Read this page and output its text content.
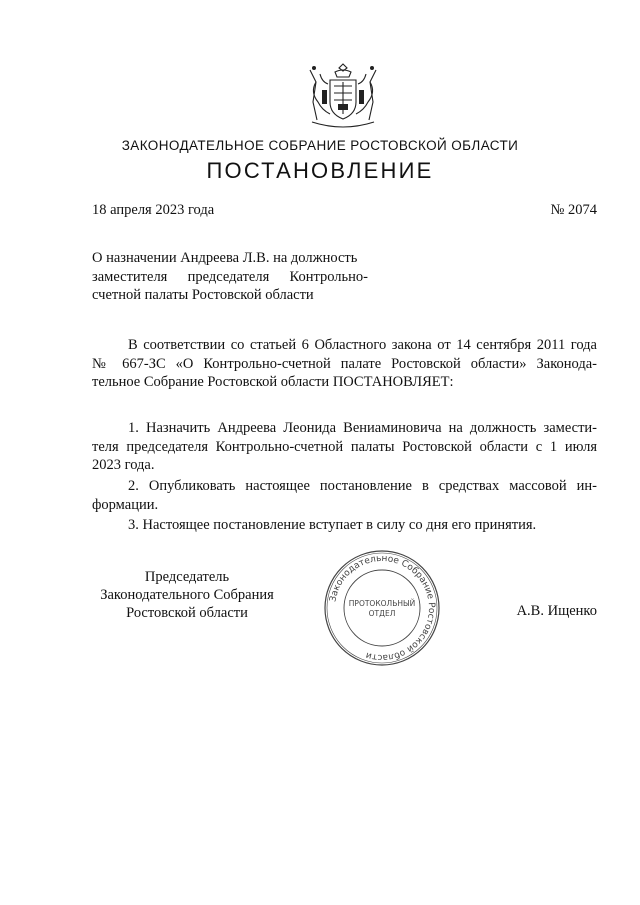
ЗАКОНОДАТЕЛЬНОЕ СОБРАНИЕ РОСТОВСКОЙ ОБЛАСТИ
ПОСТАНОВЛЕНИЕ
18 апреля 2023 года	№ 2074
О назначении Андреева Л.В. на должность
заместителя председателя Контрольно-
счетной палаты Ростовской области
В соответствии со статьей 6 Областного закона от 14 сентября 2011 года
№ 667-ЗС «О Контрольно-счетной палате Ростовской области» Законода-
тельное Собрание Ростовской области ПОСТАНОВЛЯЕТ:
1. Назначить Андреева Леонида Вениаминовича на должность замести-
теля председателя Контрольно-счетной палаты Ростовской области с 1 июля
2023 года.
2. Опубликовать настоящее постановление в средствах массовой ин-
формации.
3. Настоящее постановление вступает в силу со дня его принятия.
Председатель
Законодательного Собрания
Ростовской области
Законодательное Собрание Ростовской области
ПРОТОКОЛЬНЫЙ
ОТДЕЛ	А.В. Ищенко
